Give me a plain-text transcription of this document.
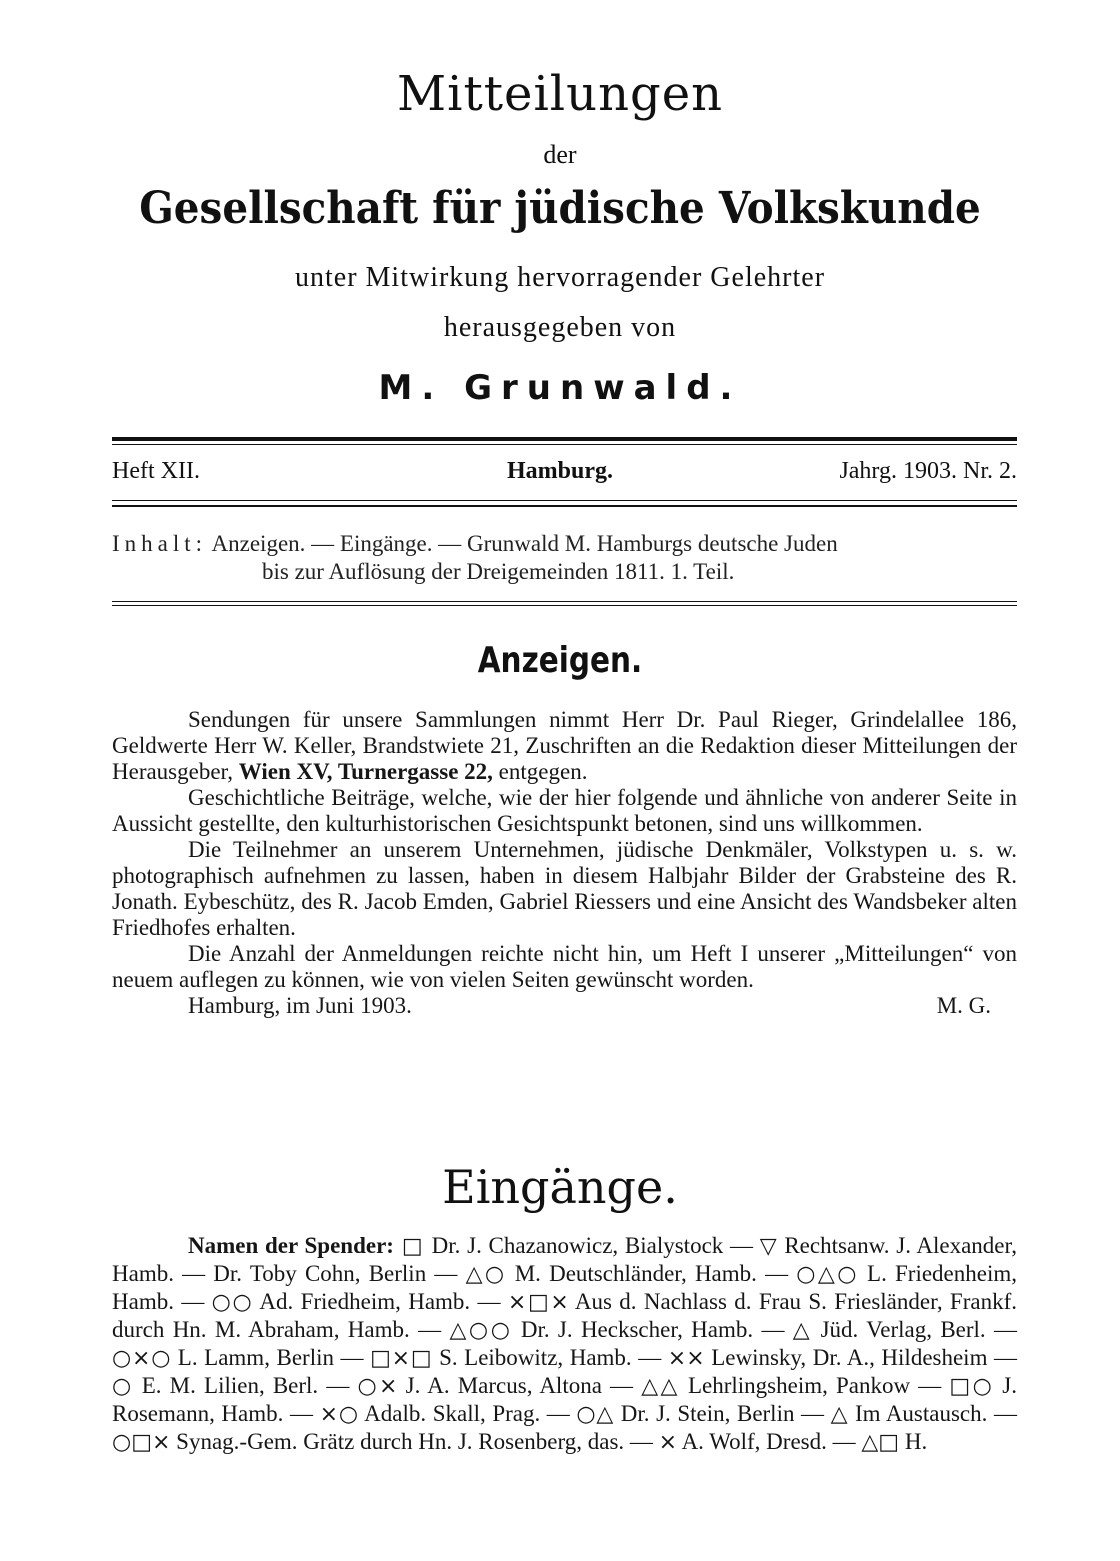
Mitteilungen
der
Gesellschaft für jüdische Volkskunde
unter Mitwirkung hervorragender Gelehrter
herausgegeben von
M. Grunwald.
Heft XII.	Hamburg.	Jahrg. 1903. Nr. 2.
Inhalt: Anzeigen. — Eingänge. — Grunwald M. Hamburgs deutsche Juden
bis zur Auflösung der Dreigemeinden 1811. 1. Teil.
Anzeigen.

Sendungen für unsere Sammlungen nimmt Herr Dr. Paul Rieger, Grindelallee 186, Geldwerte Herr W. Keller, Brandstwiete 21, Zuschriften an die Redaktion dieser Mitteilungen der Herausgeber, Wien XV, Turnergasse 22, entgegen.

Geschichtliche Beiträge, welche, wie der hier folgende und ähnliche von anderer Seite in Aussicht gestellte, den kulturhistorischen Gesichtspunkt betonen, sind uns willkommen.

Die Teilnehmer an unserem Unternehmen, jüdische Denkmäler, Volkstypen u. s. w. photographisch aufnehmen zu lassen, haben in diesem Halbjahr Bilder der Grabsteine des R. Jonath. Eybeschütz, des R. Jacob Emden, Gabriel Riessers und eine Ansicht des Wandsbeker alten Friedhofes erhalten.

Die Anzahl der Anmeldungen reichte nicht hin, um Heft I unserer „Mitteilungen“ von neuem auflegen zu können, wie von vielen Seiten gewünscht worden.

Hamburg, im Juni 1903.	M. G.
Eingänge.

Namen der Spender: □ Dr. J. Chazanowicz, Bialystock — ▽ Rechtsanw. J. Alexander, Hamb. — Dr. Toby Cohn, Berlin — △○ M. Deutschländer, Hamb. — ○△○ L. Friedenheim, Hamb. — ○○ Ad. Friedheim, Hamb. — ×□× Aus d. Nachlass d. Frau S. Friesländer, Frankf. durch Hn. M. Abraham, Hamb. — △○○ Dr. J. Heckscher, Hamb. — △ Jüd. Verlag, Berl. — ○×○ L. Lamm, Berlin — □×□ S. Leibowitz, Hamb. — ×× Lewinsky, Dr. A., Hildesheim — ○ E. M. Lilien, Berl. — ○× J. A. Marcus, Altona — △△ Lehrlingsheim, Pankow — □○ J. Rosemann, Hamb. — ×○ Adalb. Skall, Prag. — ○△ Dr. J. Stein, Berlin — △ Im Austausch. — ○□× Synag.-Gem. Grätz durch Hn. J. Rosenberg, das. — × A. Wolf, Dresd. — △□ H.
